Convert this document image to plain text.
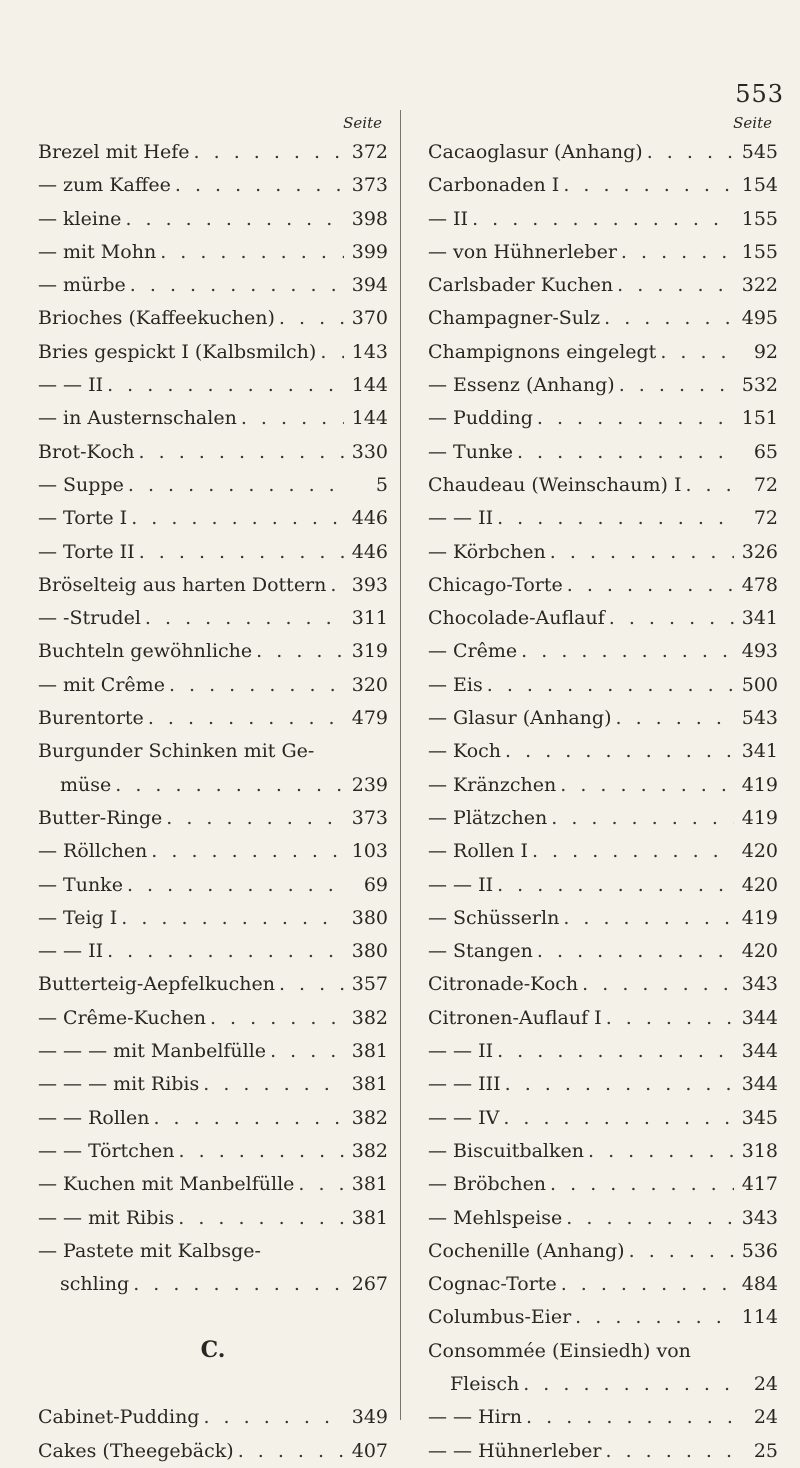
553
Seite
Brezel mit Hefe . . .	372
— zum Kaffee . . .	373
— kleine . . .	398
— mit Mohn . . .	399
— mürbe . . .	394
Brioches (Kaffeekuchen) . . .	370
Bries gespickt I (Kalbsmilch) . . . 143
— — II . . .	144
— in Austernschalen . . .	144
Brot-Koch . . .	330
— Suppe . . .	5
— Torte I . . .	446
— Torte II . . .	446
Bröselteig aus harten Dottern . . . 393
— -Strudel . . .	311
Buchteln gewöhnliche . . .	319
— mit Crême . . .	320
Burentorte . . .	479
Burgunder Schinken mit Ge-
müse . . .	239
Butter-Ringe . . .	373
— Röllchen . . .	103
— Tunke . . .	69
— Teig I . . .	380
— — II . . .	380
Butterteig-Aepfelkuchen . . .	357
— Crême-Kuchen . . .	382
— — — mit Manbelfülle . . .	381
— — — mit Ribis . . .	381
— — Rollen . . .	382
— — Törtchen . . .	382
— Kuchen mit Manbelfülle . . .	381
— — mit Ribis . . .	381
— Pastete mit Kalbsge-
schling . . .	267
C.
Cabinet-Pudding . . .	349
Cakes (Theegebäck) . . .	407
Seite
Cacaoglasur (Anhang) . . .	545
Carbonaden I . . .	154
— II . . .	155
— von Hühnerleber . . .	155
Carlsbader Kuchen . . .	322
Champagner-Sulz . . .	495
Champignons eingelegt . . .	92
— Essenz (Anhang) . . .	532
— Pudding . . .	151
— Tunke . . .	65
Chaudeau (Weinschaum) I . . .	72
— — II . . .	72
— Körbchen . . .	326
Chicago-Torte . . .	478
Chocolade-Auflauf . . .	341
— Crême . . .	493
— Eis . . .	500
— Glasur (Anhang) . . .	543
— Koch . . .	341
— Kränzchen . . .	419
— Plätzchen . . .	419
— Rollen I . . .	420
— — II . . .	420
— Schüsserln . . .	419
— Stangen . . .	420
Citronade-Koch . . .	343
Citronen-Auflauf I . . .	344
— — II . . .	344
— — III . . .	344
— — IV . . .	345
— Biscuitbalken . . .	318
— Bröbchen . . .	417
— Mehlspeise . . .	343
Cochenille (Anhang) . . .	536
Cognac-Torte . . .	484
Columbus-Eier . . .	114
Consommée (Einsiedh) von
Fleisch . . .	24
— — Hirn . . .	24
— — Hühnerleber . . .	25
